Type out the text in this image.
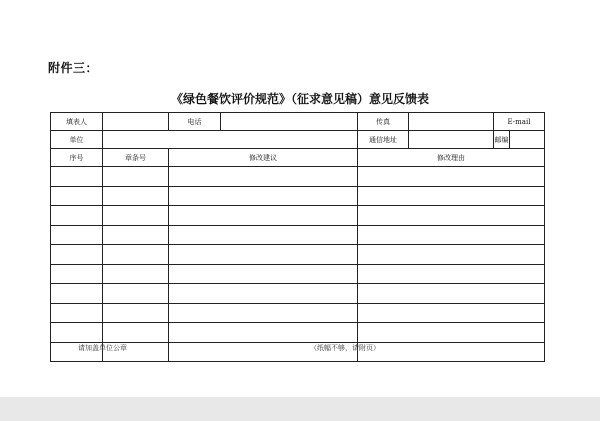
附件三：
《绿色餐饮评价规范》（征求意见稿）意见反馈表
填表人		电话		传真		E-mail	
单位				通信地址		邮编	
序号	章条号	修改建议		修改理由			

请加盖单位公章	（纸幅不够，请附页）
